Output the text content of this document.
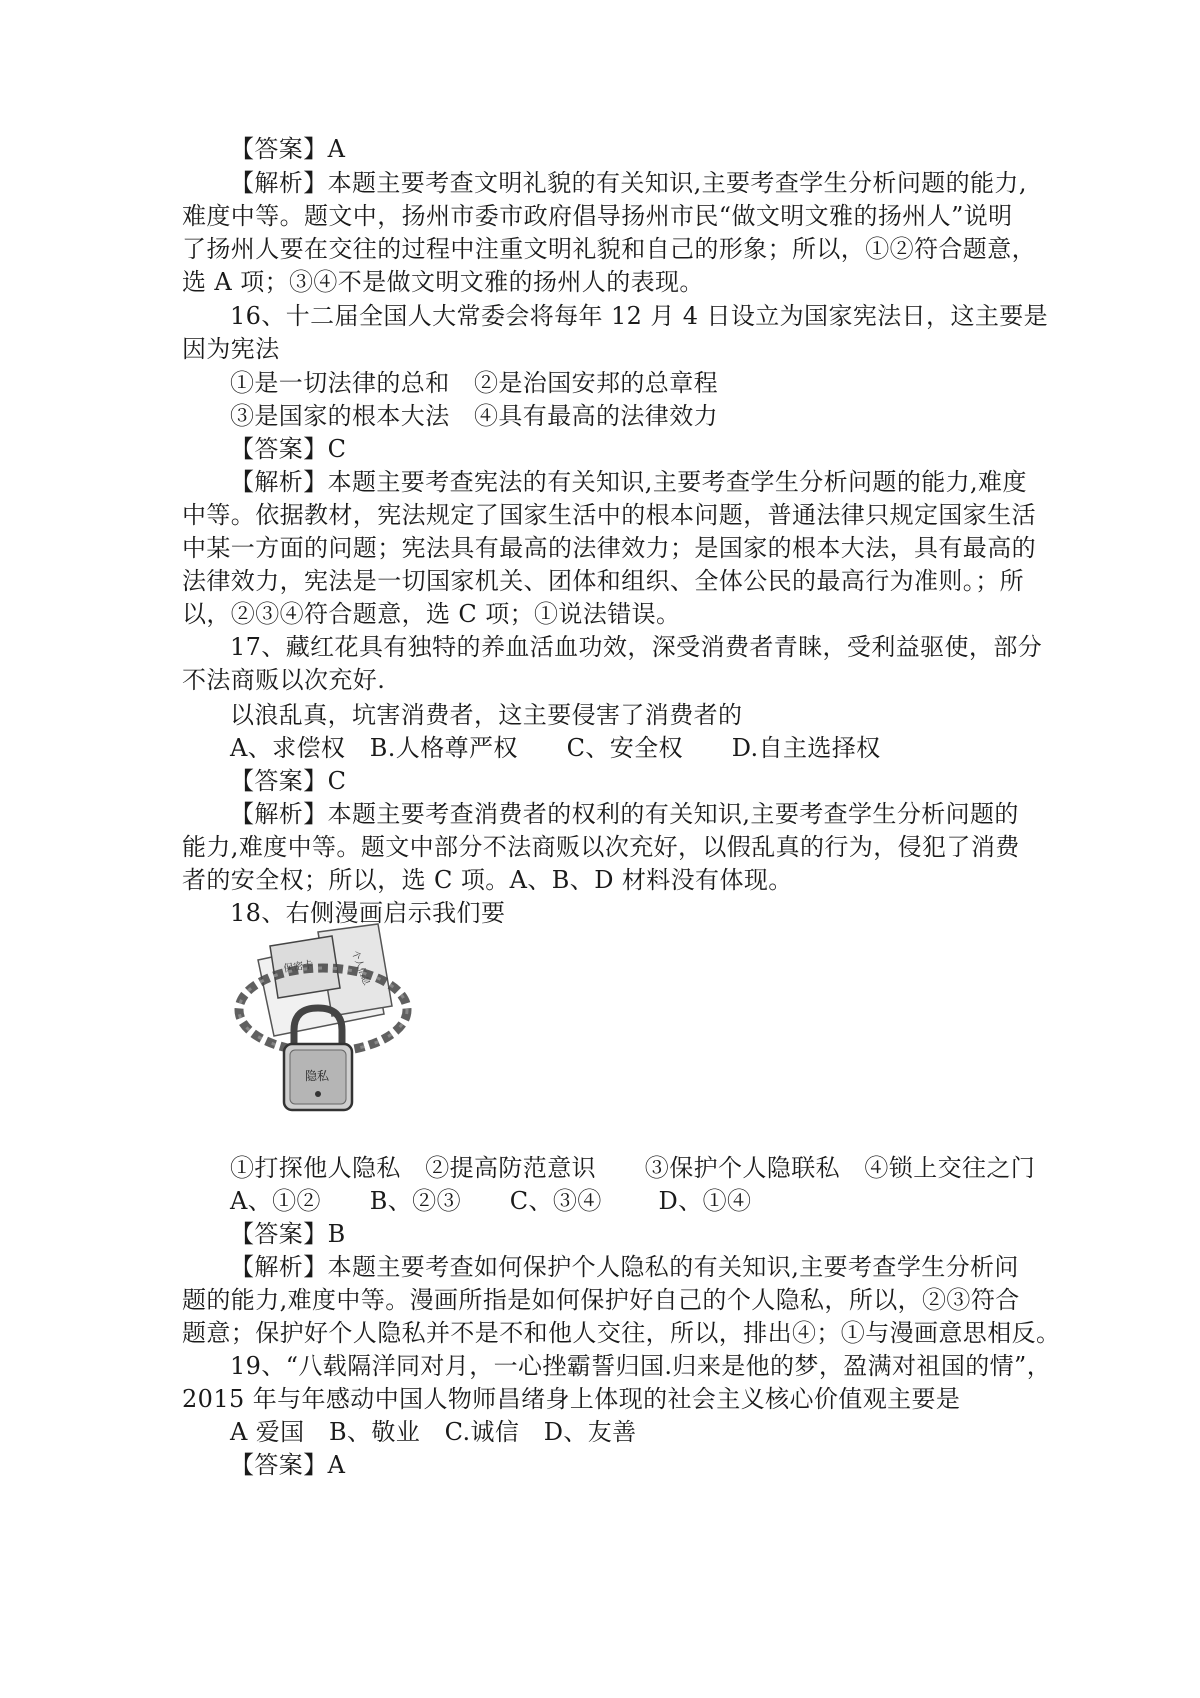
【答案】A
【解析】本题主要考查文明礼貌的有关知识,主要考查学生分析问题的能力,
难度中等。题文中，扬州市委市政府倡导扬州市民“做文明文雅的扬州人”说明
了扬州人要在交往的过程中注重文明礼貌和自己的形象；所以，①②符合题意，
选 A 项；③④不是做文明文雅的扬州人的表现。
16、十二届全国人大常委会将每年 12 月 4 日设立为国家宪法日，这主要是
因为宪法
①是一切法律的总和　②是治国安邦的总章程
③是国家的根本大法　④具有最高的法律效力
【答案】C
【解析】本题主要考查宪法的有关知识,主要考查学生分析问题的能力,难度
中等。依据教材，宪法规定了国家生活中的根本问题，普通法律只规定国家生活
中某一方面的问题；宪法具有最高的法律效力；是国家的根本大法，具有最高的
法律效力，宪法是一切国家机关、团体和组织、全体公民的最高行为准则。；所
以，②③④符合题意，选 C 项；①说法错误。
17、藏红花具有独特的养血活血功效，深受消费者青睐，受利益驱使，部分
不法商贩以次充好.
以浪乱真，坑害消费者，这主要侵害了消费者的
A、求偿权　B.人格尊严权　　C、安全权　　D.自主选择权
【答案】C
【解析】本题主要考查消费者的权利的有关知识,主要考查学生分析问题的
能力,难度中等。题文中部分不法商贩以次充好，以假乱真的行为，侵犯了消费
者的安全权；所以，选 C 项。A、B、D 材料没有体现。
18、右侧漫画启示我们要
保密卡	个人信息
隐私
①打探他人隐私　②提高防范意识　　③保护个人隐联私　④锁上交往之门
A、①②　　B、②③　　C、③④　　 D、①④
【答案】B
【解析】本题主要考查如何保护个人隐私的有关知识,主要考查学生分析问
题的能力,难度中等。漫画所指是如何保护好自己的个人隐私，所以，②③符合
题意；保护好个人隐私并不是不和他人交往，所以，排出④；①与漫画意思相反。
19、“八载隔洋同对月，一心挫霸誓归国.归来是他的梦，盈满对祖国的情”，
2015 年与年感动中国人物师昌绪身上体现的社会主义核心价值观主要是
A 爱国　B、敬业　C.诚信　D、友善
【答案】A
